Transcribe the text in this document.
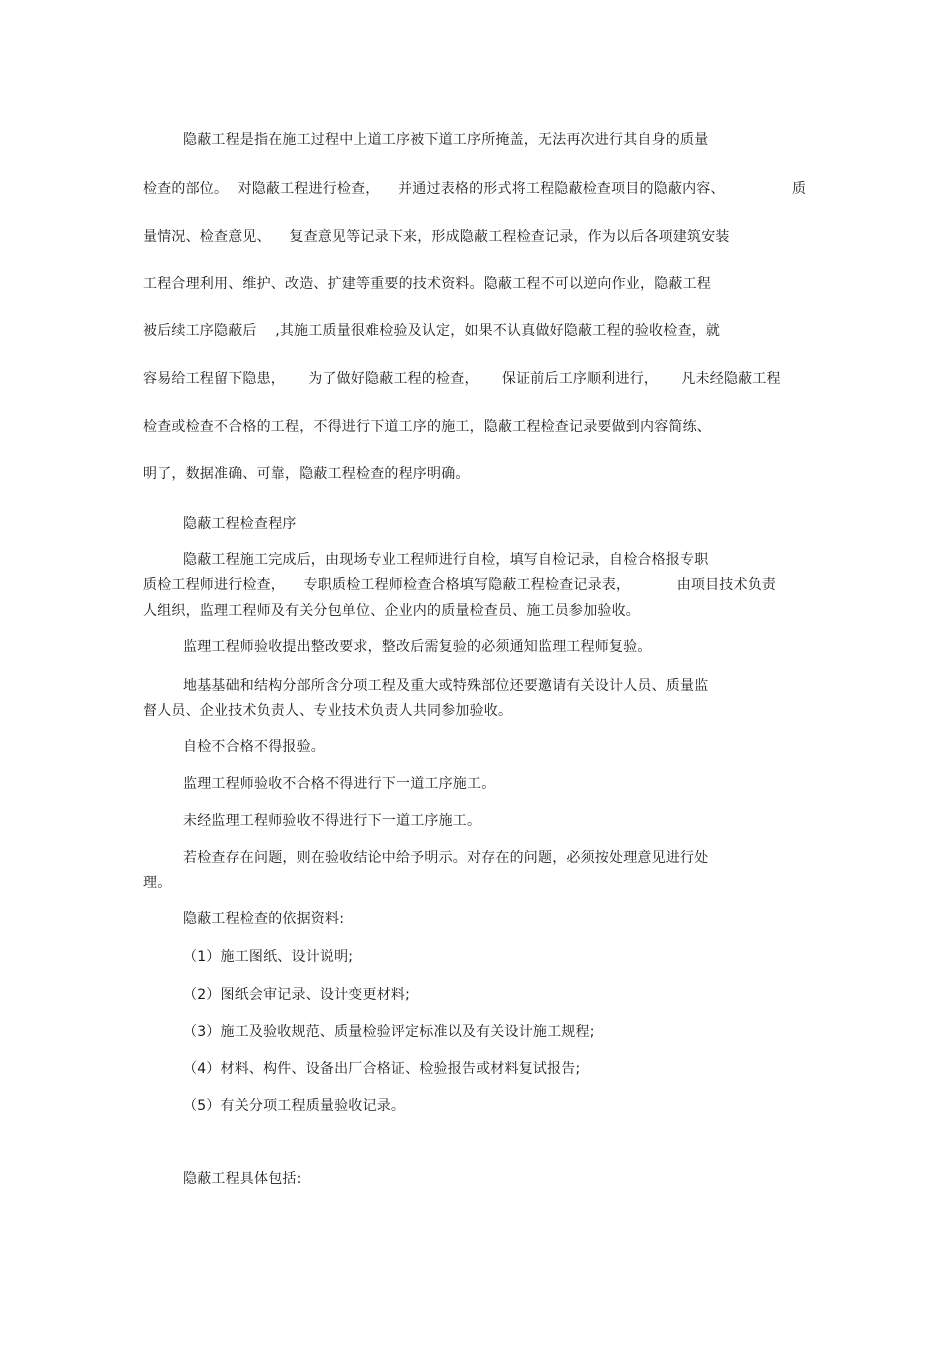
隐蔽工程是指在施工过程中上道工序被下道工序所掩盖，无法再次进行其自身的质量
检查的部位。  对隐蔽工程进行检查，    并通过表格的形式将工程隐蔽检查项目的隐蔽内容、	质
量情况、检查意见、    复查意见等记录下来，形成隐蔽工程检查记录，作为以后各项建筑安装
工程合理利用、维护、改造、扩建等重要的技术资料。隐蔽工程不可以逆向作业，隐蔽工程
被后续工序隐蔽后    ,其施工质量很难检验及认定，如果不认真做好隐蔽工程的验收检查，就
容易给工程留下隐患，     为了做好隐蔽工程的检查，     保证前后工序顺利进行，     凡未经隐蔽工程
检查或检查不合格的工程，不得进行下道工序的施工，隐蔽工程检查记录要做到内容简练、
明了，数据准确、可靠，隐蔽工程检查的程序明确。
隐蔽工程检查程序
隐蔽工程施工完成后，由现场专业工程师进行自检，填写自检记录，自检合格报专职
质检工程师进行检查，    专职质检工程师检查合格填写隐蔽工程检查记录表，          由项目技术负责
人组织，监理工程师及有关分包单位、企业内的质量检查员、施工员参加验收。
监理工程师验收提出整改要求，整改后需复验的必须通知监理工程师复验。
地基基础和结构分部所含分项工程及重大或特殊部位还要邀请有关设计人员、质量监
督人员、企业技术负责人、专业技术负责人共同参加验收。
自检不合格不得报验。
监理工程师验收不合格不得进行下一道工序施工。
未经监理工程师验收不得进行下一道工序施工。
若检查存在问题，则在验收结论中给予明示。对存在的问题，必须按处理意见进行处
理。
隐蔽工程检查的依据资料:
（1）施工图纸、设计说明;
（2）图纸会审记录、设计变更材料;
（3）施工及验收规范、质量检验评定标准以及有关设计施工规程;
（4）材料、构件、设备出厂合格证、检验报告或材料复试报告;
（5）有关分项工程质量验收记录。
隐蔽工程具体包括:
